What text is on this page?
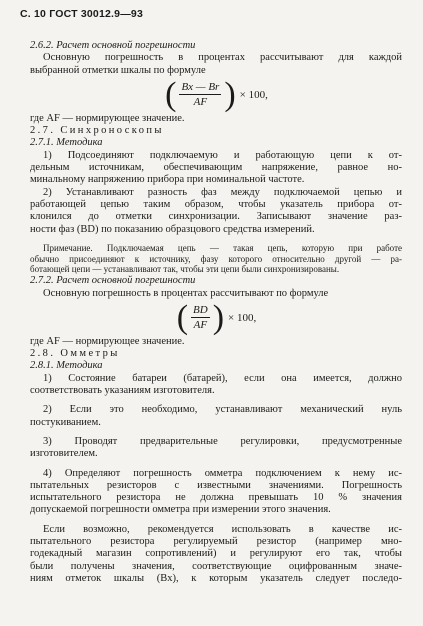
С. 10 ГОСТ 30012.9—93

2.6.2. Расчет основной погрешности

Основную погрешность в процентах рассчитывают для каждой

выбранной отметки шкалы по формуле

( $\frac{Bx — Br}{AF}$ ) × 100,

где AF — нормирующее значение.

2.7. Синхроноскопы

2.7.1. Методика

1) Подсоединяют подключаемую и работающую цепи к от-

дельным источникам, обеспечивающим напряжение, равное но-

минальному напряжению прибора при номинальной частоте.

2) Устанавливают разность фаз между подключаемой цепью и

работающей цепью таким образом, чтобы указатель прибора от-

клонился до отметки синхронизации. Записывают значение раз-

ности фаз (BD) по показанию образцового средства измерений.

Примечание. Подключаемая цепь — такая цепь, которую при работе

обычно присоединяют к источнику, фазу которого относительно другой — ра-

ботающей цепи — устанавливают так, чтобы эти цепи были синхронизированы.

2.7.2. Расчет основной погрешности

Основную погрешность в процентах рассчитывают по формуле

( $\frac{BD}{AF}$ ) × 100,

где AF — нормирующее значение.

2.8. Омметры

2.8.1. Методика

1) Состояние батареи (батарей), если она имеется, должно

соответствовать указаниям изготовителя.

2) Если это необходимо, устанавливают механический нуль

постукиванием.

3) Проводят предварительные регулировки, предусмотренные

изготовителем.

4) Определяют погрешность омметра подключением к нему ис-

пытательных резисторов с известными значениями. Погрешность

испытательного резистора не должна превышать 10 % значения

допускаемой погрешности омметра при измерении этого значения.

Если возможно, рекомендуется использовать в качестве ис-

пытательного резистора регулируемый резистор (например мно-

годекадный магазин сопротивлений) и регулируют его так, чтобы

были получены значения, соответствующие оцифрованным значе-

ниям отметок шкалы (Bx), к которым указатель следует последо-
